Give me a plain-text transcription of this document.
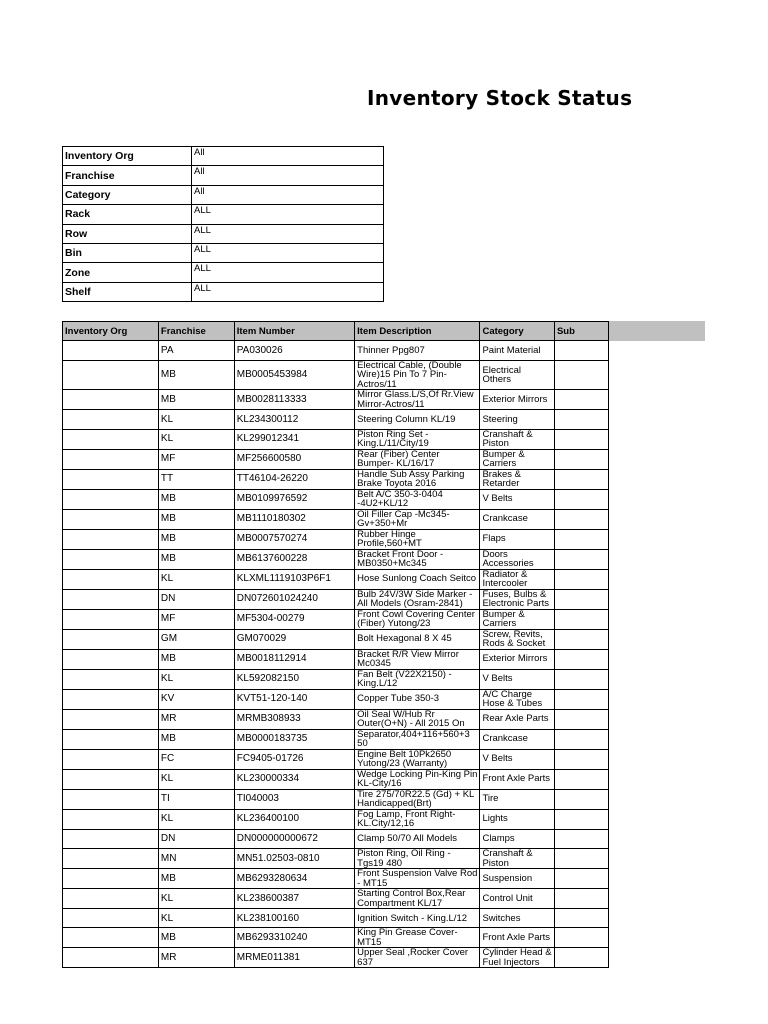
Inventory Stock Status
Inventory Org	All
Franchise	All
Category	All
Rack	ALL
Row	ALL
Bin	ALL
Zone	ALL
Shelf	ALL
Inventory Org	Franchise	Item Number	Item Description	Category	Sub
	PA	PA030026	Thinner Ppg807	Paint Material	
	MB	MB0005453984	Electrical Cable, (Double Wire)15 Pin To 7 Pin-Actros/11	Electrical Others	
	MB	MB0028113333	Mirror Glass.L/S,Of Rr.View Mirror-Actros/11	Exterior Mirrors	
	KL	KL234300112	Steering Column KL/19	Steering	
	KL	KL299012341	Piston Ring Set -King.L/11/City/19	Cranshaft & Piston	
	MF	MF256600580	Rear (Fiber) Center Bumper- KL/16/17	Bumper & Carriers	
	TT	TT46104-26220	Handle Sub Assy Parking Brake Toyota 2016	Brakes & Retarder	
	MB	MB0109976592	Belt A/C 350-3-0404 -4U2+KL/12	V Belts	
	MB	MB1110180302	Oil Filler Cap -Mc345-Gv+350+Mr	Crankcase	
	MB	MB0007570274	Rubber Hinge Profile,560+MT	Flaps	
	MB	MB6137600228	Bracket Front Door - MB0350+Mc345	Doors Accessories	
	KL	KLXML1119103P6F1	Hose Sunlong Coach Seitco	Radiator & Intercooler	
	DN	DN072601024240	Bulb 24V/3W Side Marker - All Models (Osram-2841)	Fuses, Bulbs & Electronic Parts	
	MF	MF5304-00279	Front Cowl Covering Center (Fiber) Yutong/23	Bumper & Carriers	
	GM	GM070029	Bolt Hexagonal 8 X 45	Screw, Revits, Rods & Socket	
	MB	MB0018112914	Bracket R/R View Mirror Mc0345	Exterior Mirrors	
	KL	KL592082150	Fan Belt (V22X2150) - King.L/12	V Belts	
	KV	KVT51-120-140	Copper Tube 350-3	A/C Charge Hose & Tubes	
	MR	MRMB308933	Oil Seal W/Hub Rr Outer(O+N) - All 2015 On	Rear Axle Parts	
	MB	MB0000183735	Separator,404+116+560+3 50	Crankcase	
	FC	FC9405-01726	Engine Belt 10Pk2650 Yutong/23 (Warranty)	V Belts	
	KL	KL230000334	Wedge Locking Pin-King Pin KL-City/16	Front Axle Parts	
	TI	TI040003	Tire 275/70R22.5 (Gd) + KL Handicapped(Brt)	Tire	
	KL	KL236400100	Fog Lamp, Front Right-KL.City/12,16	Lights	
	DN	DN000000000672	Clamp 50/70 All Models	Clamps	
	MN	MN51.02503-0810	Piston Ring, Oil Ring - Tgs19 480	Cranshaft & Piston	
	MB	MB6293280634	Front Suspension Valve Rod - MT15	Suspension	
	KL	KL238600387	Starting Control Box,Rear Compartment KL/17	Control Unit	
	KL	KL238100160	Ignition Switch - King.L/12	Switches	
	MB	MB6293310240	King Pin Grease Cover-MT15	Front Axle Parts	
	MR	MRME011381	Upper Seal ,Rocker Cover 637	Cylinder Head & Fuel Injectors	
